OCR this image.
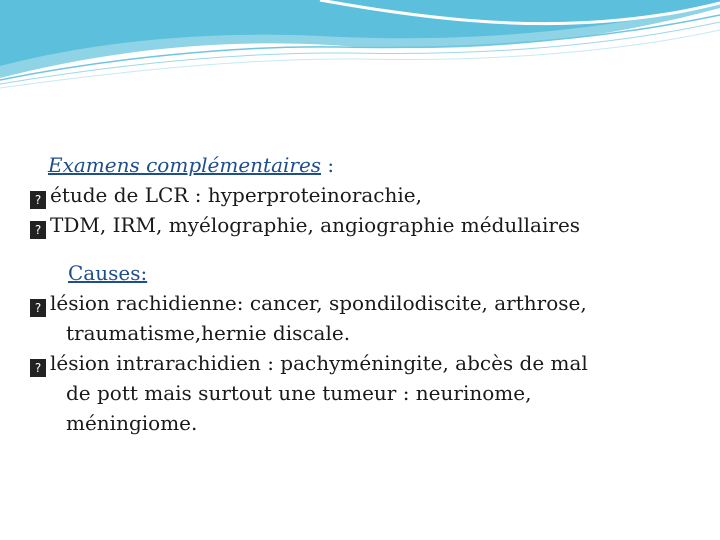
Examens complémentaires :
? étude de LCR : hyperproteinorachie,
? TDM, IRM, myélographie, angiographie médullaires
Causes:
? lésion rachidienne: cancer, spondilodiscite, arthrose,
traumatisme,hernie discale.
? lésion intrarachidien : pachyméningite, abcès de mal
de pott mais surtout une tumeur : neurinome,
méningiome.
